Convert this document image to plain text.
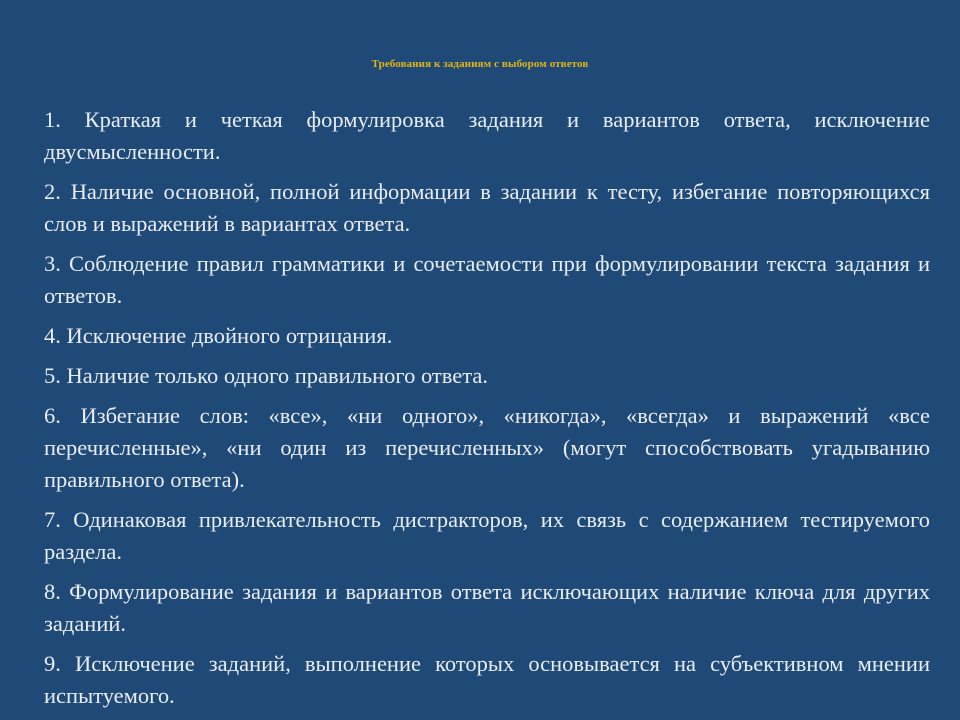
Требования к заданиям с выбором ответов
1. Краткая и четкая формулировка задания и вариантов ответа, исключение двусмысленности.
2. Наличие основной, полной информации в задании к тесту, избегание повторяющихся слов и выражений в вариантах ответа.
3. Соблюдение правил грамматики и сочетаемости при формулировании текста задания и ответов.
4. Исключение двойного отрицания.
5. Наличие только одного правильного ответа.
6. Избегание слов: «все», «ни одного», «никогда», «всегда» и выражений «все перечисленные», «ни один из перечисленных» (могут способствовать угадыванию правильного ответа).
7. Одинаковая привлекательность дистракторов, их связь с содержанием тестируемого раздела.
8. Формулирование задания и вариантов ответа исключающих наличие ключа для других заданий.
9. Исключение заданий, выполнение которых основывается на субъективном мнении испытуемого.
